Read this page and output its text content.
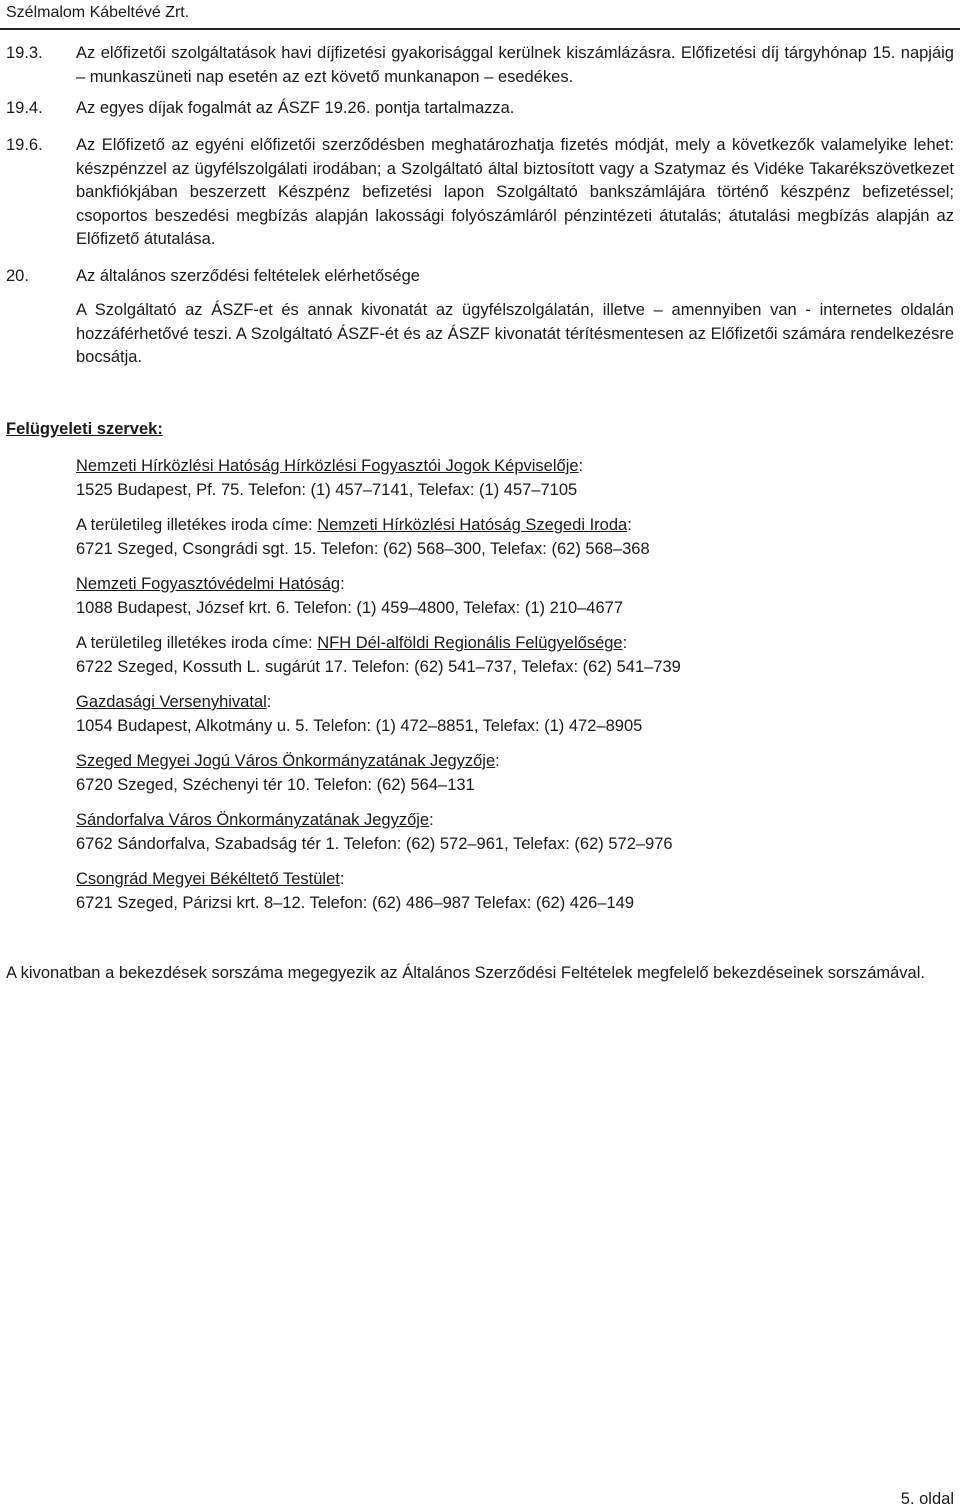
Szélmalom Kábeltévé Zrt.
19.3. Az előfizetői szolgáltatások havi díjfizetési gyakorisággal kerülnek kiszámlázásra. Előfizetési díj tárgyhónap 15. napjáig – munkaszüneti nap esetén az ezt követő munkanapon – esedékes.
19.4. Az egyes díjak fogalmát az ÁSZF 19.26. pontja tartalmazza.
19.6. Az Előfizető az egyéni előfizetői szerződésben meghatározhatja fizetés módját, mely a következők valamelyike lehet: készpénzzel az ügyfélszolgálati irodában; a Szolgáltató által biztosított vagy a Szatymaz és Vidéke Takarékszövetkezet bankfiókjában beszerzett Készpénz befizetési lapon Szolgáltató bankszámlájára történő készpénz befizetéssel; csoportos beszedési megbízás alapján lakossági folyószámláról pénzintézeti átutalás; átutalási megbízás alapján az Előfizető átutalása.
20.	Az általános szerződési feltételek elérhetősége
A Szolgáltató az ÁSZF-et és annak kivonatát az ügyfélszolgálatán, illetve – amennyiben van - internetes oldalán hozzáférhetővé teszi. A Szolgáltató ÁSZF-ét és az ÁSZF kivonatát térítésmentesen az Előfizetői számára rendelkezésre bocsátja.
Felügyeleti szervek:
Nemzeti Hírközlési Hatóság Hírközlési Fogyasztói Jogok Képviselője:
1525 Budapest, Pf. 75. Telefon: (1) 457–7141, Telefax: (1) 457–7105
A területileg illetékes iroda címe: Nemzeti Hírközlési Hatóság Szegedi Iroda:
6721 Szeged, Csongrádi sgt. 15. Telefon: (62) 568–300, Telefax: (62) 568–368
Nemzeti Fogyasztóvédelmi Hatóság:
1088 Budapest, József krt. 6. Telefon: (1) 459–4800, Telefax: (1) 210–4677
A területileg illetékes iroda címe: NFH Dél-alföldi Regionális Felügyelősége:
6722 Szeged, Kossuth L. sugárút 17. Telefon: (62) 541–737, Telefax: (62) 541–739
Gazdasági Versenyhivatal:
1054 Budapest, Alkotmány u. 5. Telefon: (1) 472–8851, Telefax: (1) 472–8905
Szeged Megyei Jogú Város Önkormányzatának Jegyzője:
6720 Szeged, Széchenyi tér 10. Telefon: (62) 564–131
Sándorfalva Város Önkormányzatának Jegyzője:
6762 Sándorfalva, Szabadság tér 1. Telefon: (62) 572–961, Telefax: (62) 572–976
Csongrád Megyei Békéltető Testület:
6721 Szeged, Párizsi krt. 8–12. Telefon: (62) 486–987 Telefax: (62) 426–149
A kivonatban a bekezdések sorszáma megegyezik az Általános Szerződési Feltételek megfelelő bekezdéseinek sorszámával.
5. oldal
